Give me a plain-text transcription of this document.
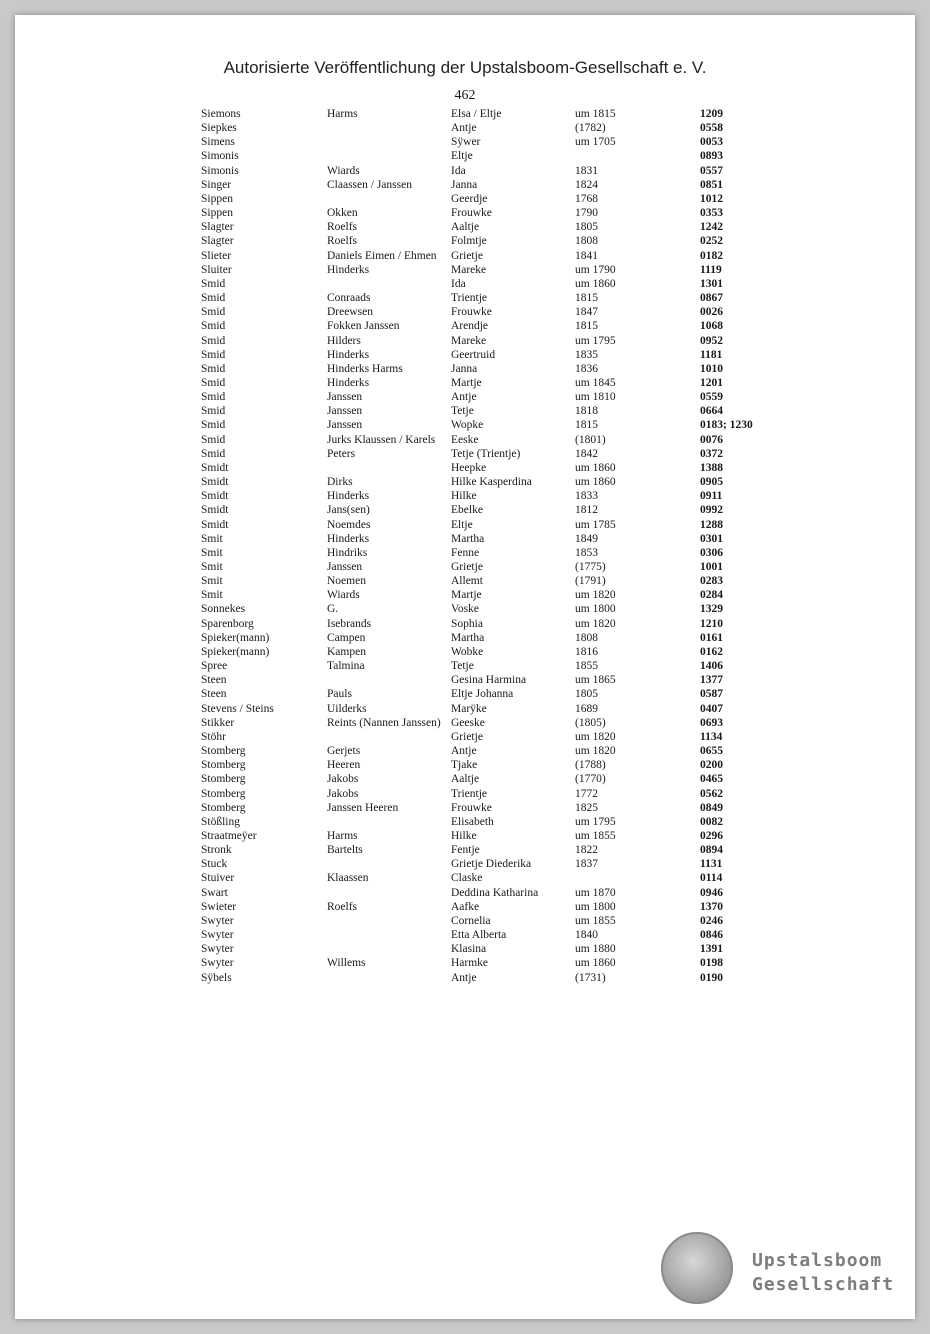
Autorisierte Veröffentlichung der Upstalsboom-Gesellschaft e. V.
462
Siemons	Harms	Elsa / Eltje	um 1815	1209
Siepkes		Antje	(1782)	0558
Simens		Sÿwer	um 1705	0053
Simonis		Eltje		0893
Simonis	Wiards	Ida	1831	0557
Singer	Claassen / Janssen	Janna	1824	0851
Sippen		Geerdje	1768	1012
Sippen	Okken	Frouwke	1790	0353
Slagter	Roelfs	Aaltje	1805	1242
Slagter	Roelfs	Folmtje	1808	0252
Slieter	Daniels Eimen / Ehmen	Grietje	1841	0182
Sluiter	Hinderks	Mareke	um 1790	1119
Smid		Ida	um 1860	1301
Smid	Conraads	Trientje	1815	0867
Smid	Dreewsen	Frouwke	1847	0026
Smid	Fokken Janssen	Arendje	1815	1068
Smid	Hilders	Mareke	um 1795	0952
Smid	Hinderks	Geertruid	1835	1181
Smid	Hinderks Harms	Janna	1836	1010
Smid	Hinderks	Martje	um 1845	1201
Smid	Janssen	Antje	um 1810	0559
Smid	Janssen	Tetje	1818	0664
Smid	Janssen	Wopke	1815	0183; 1230
Smid	Jurks Klaussen / Karels	Eeske	(1801)	0076
Smid	Peters	Tetje (Trientje)	1842	0372
Smidt		Heepke	um 1860	1388
Smidt	Dirks	Hilke Kasperdina	um 1860	0905
Smidt	Hinderks	Hilke	1833	0911
Smidt	Jans(sen)	Ebelke	1812	0992
Smidt	Noemdes	Eltje	um 1785	1288
Smit	Hinderks	Martha	1849	0301
Smit	Hindriks	Fenne	1853	0306
Smit	Janssen	Grietje	(1775)	1001
Smit	Noemen	Allemt	(1791)	0283
Smit	Wiards	Martje	um 1820	0284
Sonnekes	G.	Voske	um 1800	1329
Sparenborg	Isebrands	Sophia	um 1820	1210
Spieker(mann)	Campen	Martha	1808	0161
Spieker(mann)	Kampen	Wobke	1816	0162
Spree	Talmina	Tetje	1855	1406
Steen		Gesina Harmina	um 1865	1377
Steen	Pauls	Eltje Johanna	1805	0587
Stevens / Steins	Uilderks	Marÿke	1689	0407
Stikker	Reints (Nannen Janssen)	Geeske	(1805)	0693
Stöhr		Grietje	um 1820	1134
Stomberg	Gerjets	Antje	um 1820	0655
Stomberg	Heeren	Tjake	(1788)	0200
Stomberg	Jakobs	Aaltje	(1770)	0465
Stomberg	Jakobs	Trientje	1772	0562
Stomberg	Janssen Heeren	Frouwke	1825	0849
Stößling		Elisabeth	um 1795	0082
Straatmeÿer	Harms	Hilke	um 1855	0296
Stronk	Bartelts	Fentje	1822	0894
Stuck		Grietje Diederika	1837	1131
Stuiver	Klaassen	Claske		0114
Swart		Deddina Katharina	um 1870	0946
Swieter	Roelfs	Aafke	um 1800	1370
Swyter		Cornelia	um 1855	0246
Swyter		Etta Alberta	1840	0846
Swyter		Klasina	um 1880	1391
Swyter	Willems	Harmke	um 1860	0198
Sÿbels		Antje	(1731)	0190
Upstalsboom
Gesellschaft
